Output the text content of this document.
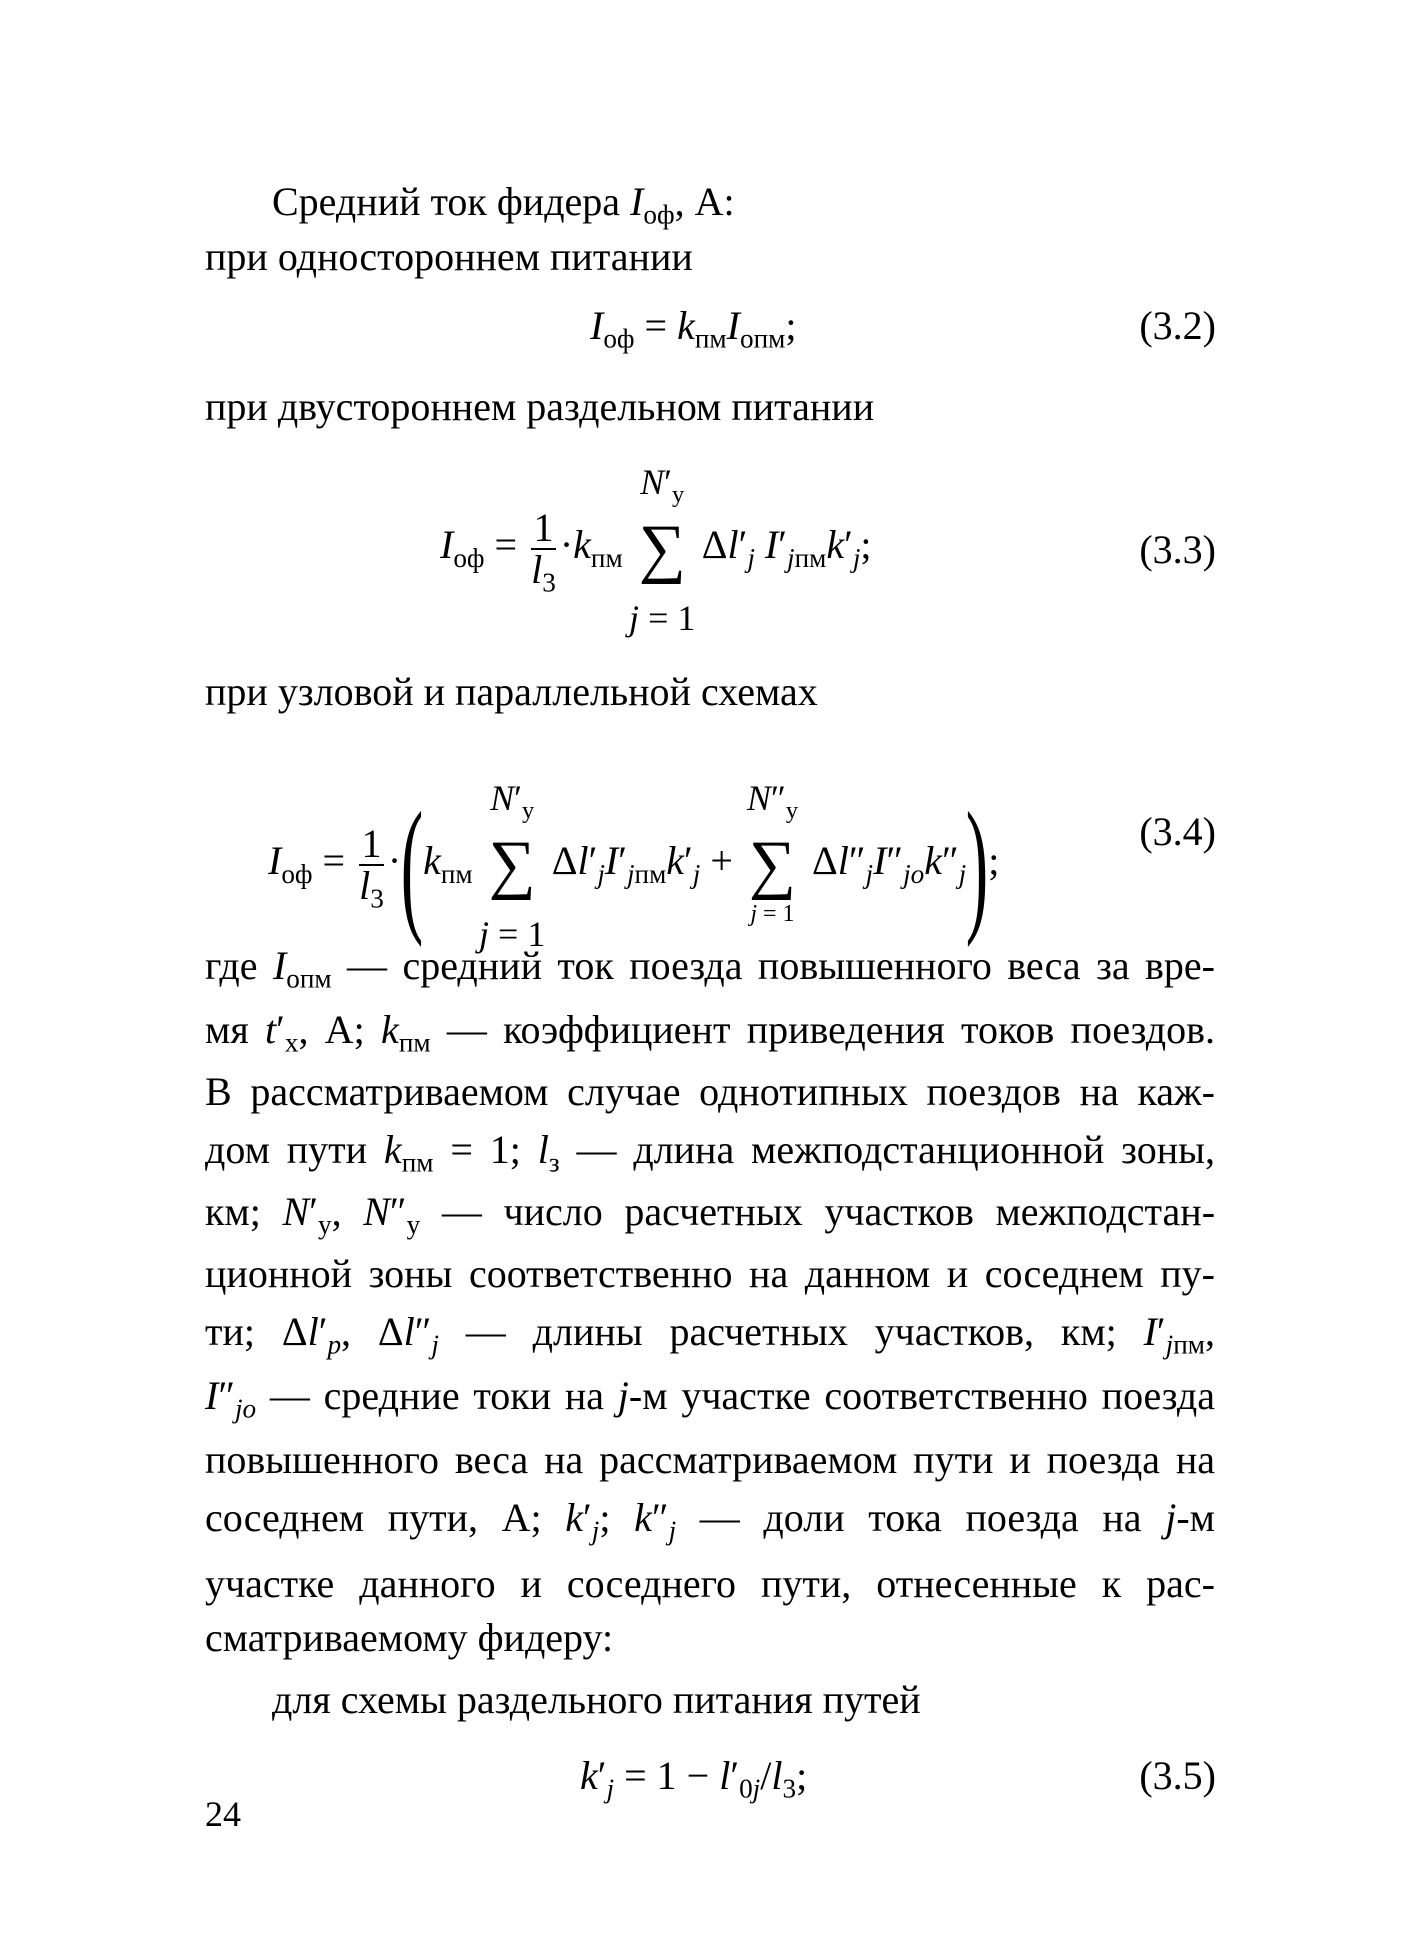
Средний ток фидера $I_{оф}$, А:
при одностороннем питании
$I_{оф} = k_{пм}I_{опм}$;	(3.2)
при двустороннем раздельном питании
$I_{оф} = \frac{1}{l_3} \cdot k_{пм}$
$N'_у$
∑
j = 1
$\Delta l'_j$ $I'_{jпм}k'_j$;	(3.3)
при узловой и параллельной схемах
$I_{оф} = \frac{1}{l_3} \cdot(k_{пм}$
$N'_у$
∑
j = 1
$\Delta l'_jI'_{jпм}k'_j$ +
$N''_у$
∑
j = 1
$\Delta l''_jI''_{jo}k''_j$);
(3.4)
где $I_{опм}$ — средний ток поезда повышенного веса за вре-
мя $t'_х$, А; $k_{пм}$ — коэффициент приведения токов поездов.
В рассматриваемом случае однотипных поездов на каж-
дом пути $k_{пм} = 1$; $l_з$ — длина межподстанционной зоны,
км; $N'_у$, $N''_у$ — число расчетных участков межподстан-
ционной зоны соответственно на данном и соседнем пу-
ти; $\Delta l'_p$, $\Delta l''_j$ — длины расчетных участков, км; $I'_{jпм}$,
$I''_{jo}$ — средние токи на j-м участке соответственно поезда
повышенного веса на рассматриваемом пути и поезда на
соседнем пути, А; $k'_j$; $k''_j$ — доли тока поезда на j-м
участке данного и соседнего пути, отнесенные к рас-
сматриваемому фидеру:
для схемы раздельного питания путей
$k'_j = 1 - l'_{0j}/l_3$;	(3.5)
24
